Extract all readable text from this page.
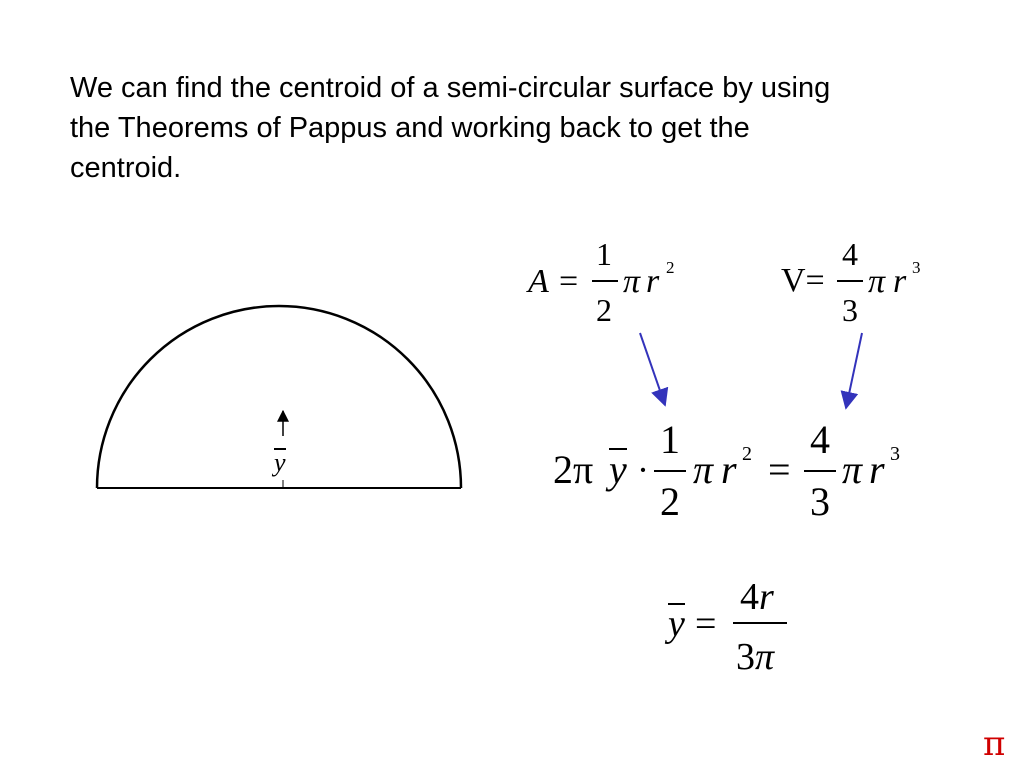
We can find the centroid of a semi-circular surface by using
the Theorems of Pappus and working back to get the
centroid.
y
A =
1
2
π r 2	V=
4
3
π r 3
2π y ·
1
2
π r 2 =
4
3
π r 3
y =
4r
3π
π
